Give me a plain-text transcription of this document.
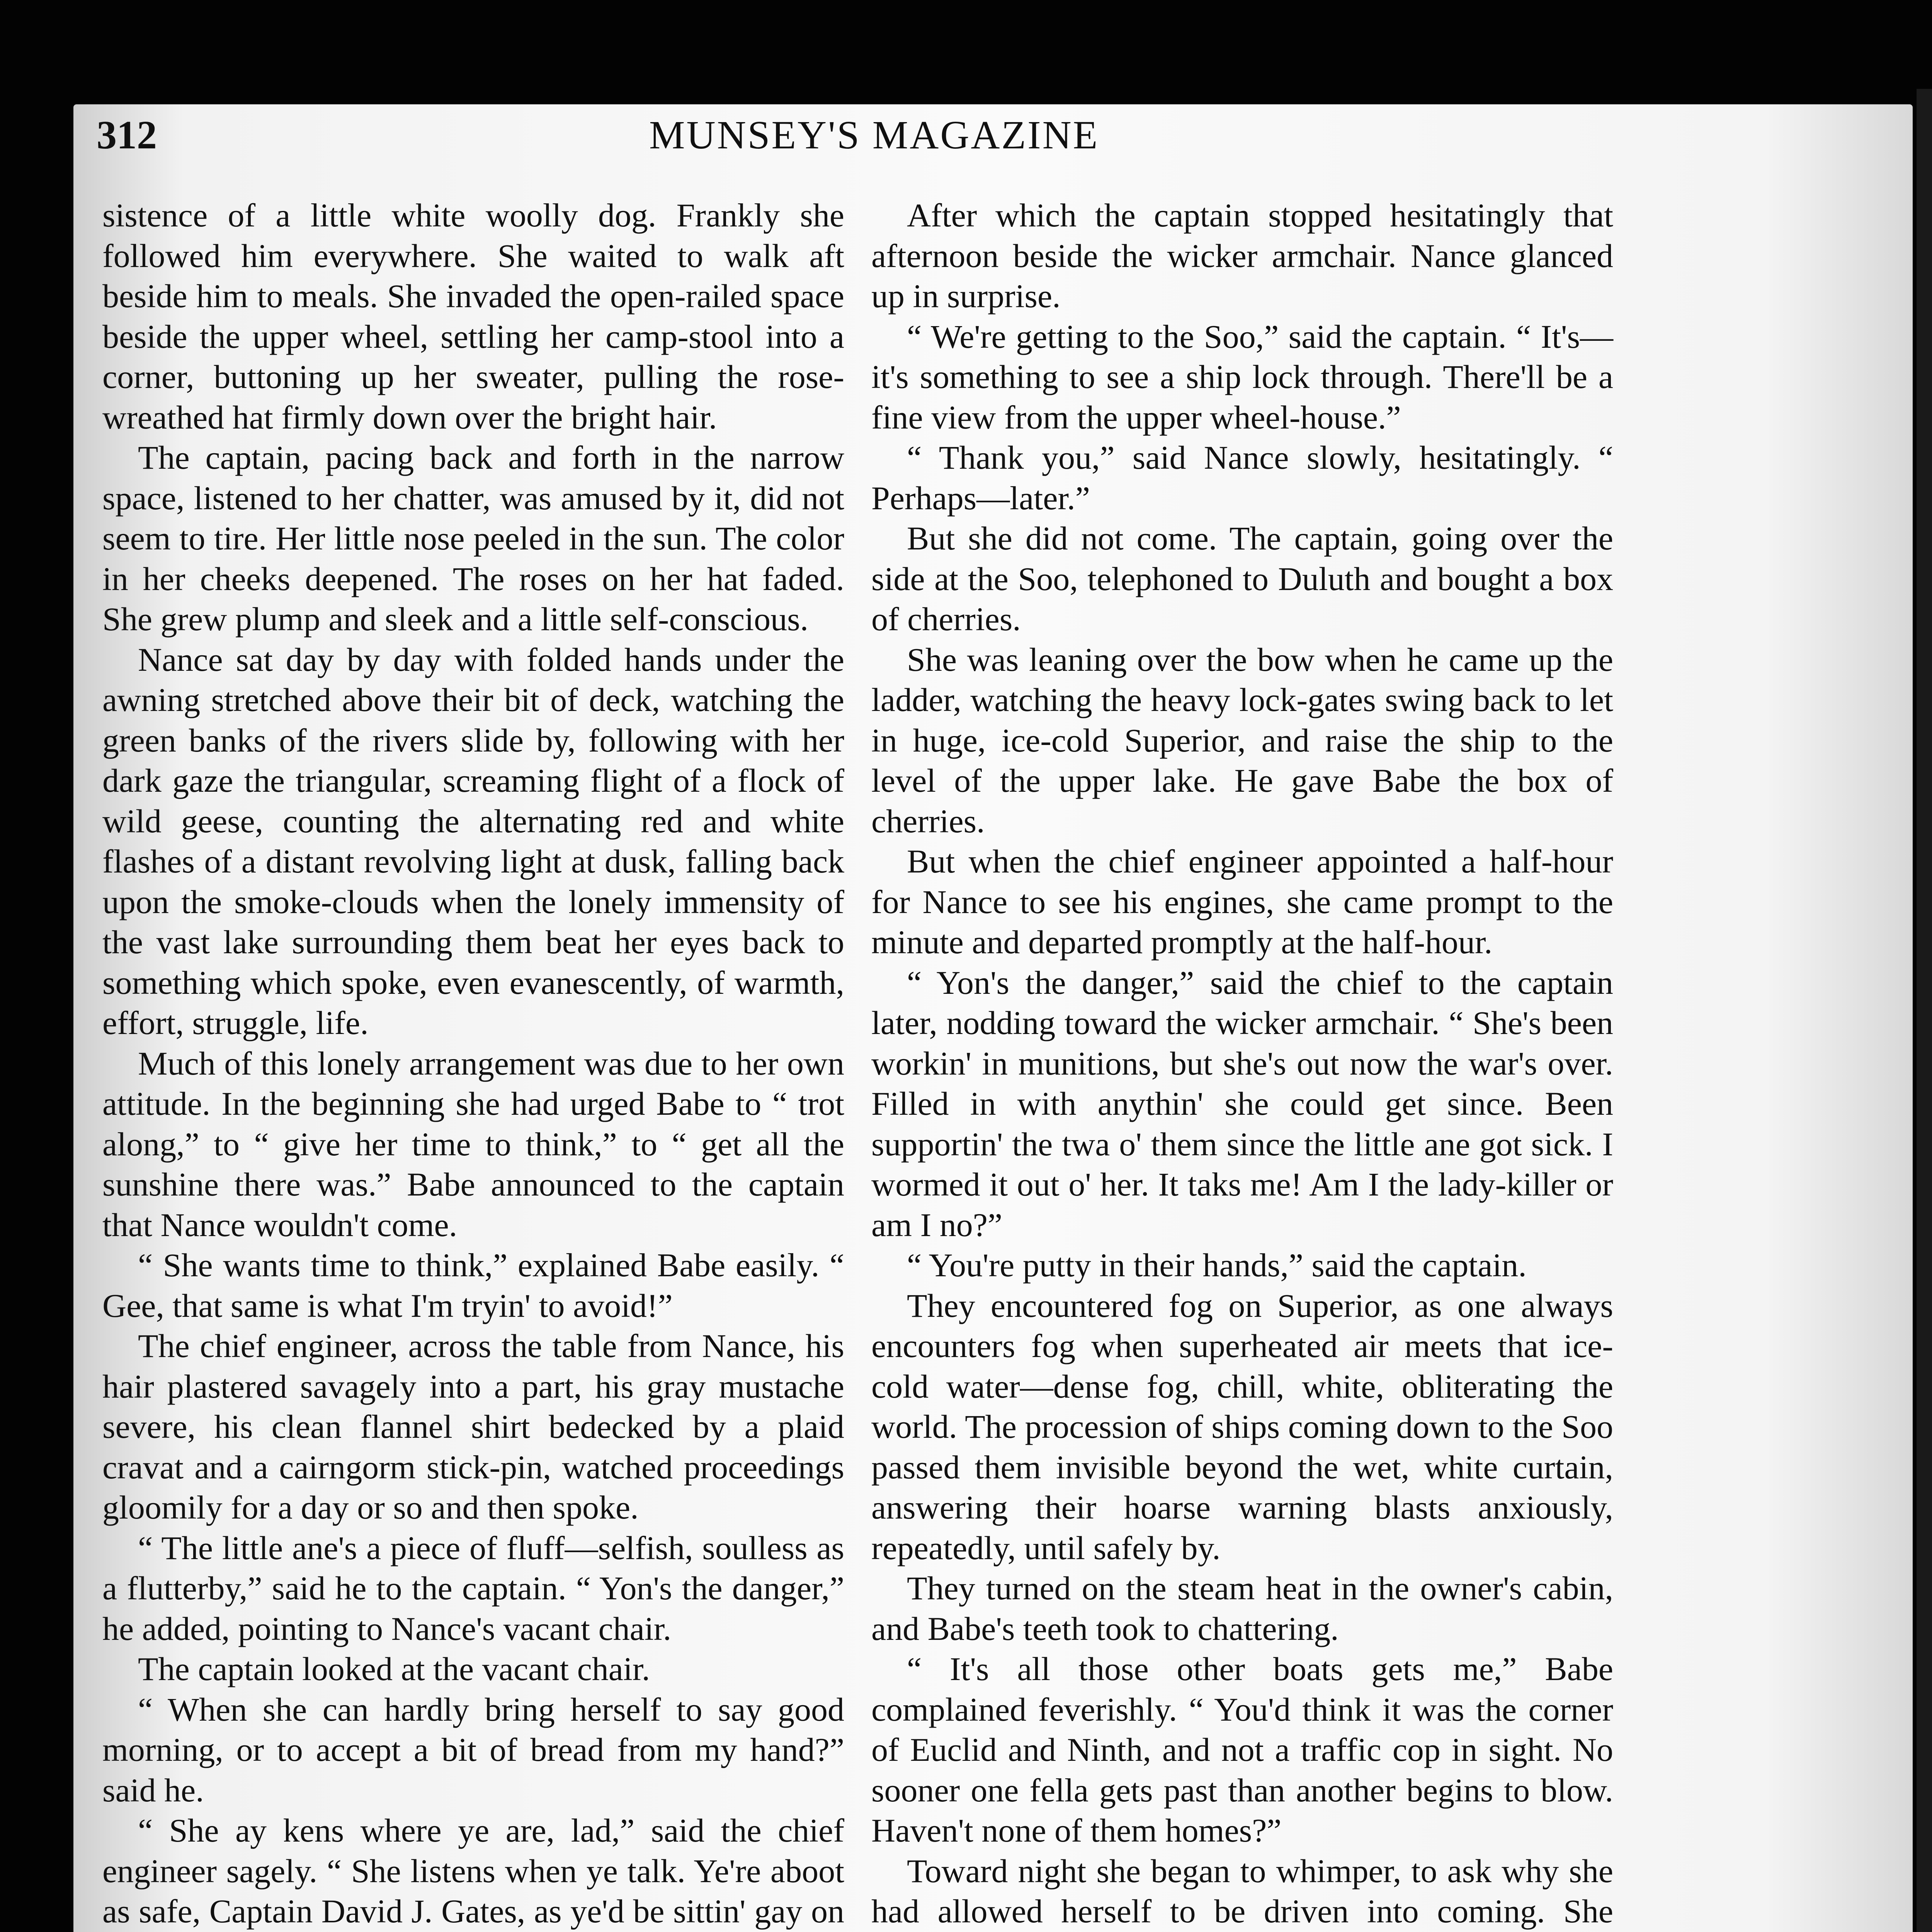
312	MUNSEY'S MAGAZINE

sistence of a little white woolly dog. Frankly she followed him everywhere. She waited to walk aft beside him to meals. She invaded the open-railed space beside the upper wheel, settling her camp-stool into a corner, buttoning up her sweater, pulling the rose-wreathed hat firmly down over the bright hair.

The captain, pacing back and forth in the narrow space, listened to her chatter, was amused by it, did not seem to tire. Her little nose peeled in the sun. The color in her cheeks deepened. The roses on her hat faded. She grew plump and sleek and a little self-conscious.

Nance sat day by day with folded hands under the awning stretched above their bit of deck, watching the green banks of the rivers slide by, following with her dark gaze the triangular, screaming flight of a flock of wild geese, counting the alternating red and white flashes of a distant revolving light at dusk, falling back upon the smoke-clouds when the lonely immensity of the vast lake surrounding them beat her eyes back to something which spoke, even evanescently, of warmth, effort, struggle, life.

Much of this lonely arrangement was due to her own attitude. In the beginning she had urged Babe to “ trot along,” to “ give her time to think,” to “ get all the sunshine there was.” Babe announced to the captain that Nance wouldn't come.

“ She wants time to think,” explained Babe easily. “ Gee, that same is what I'm tryin' to avoid!”

The chief engineer, across the table from Nance, his hair plastered savagely into a part, his gray mustache severe, his clean flannel shirt bedecked by a plaid cravat and a cairngorm stick-pin, watched proceedings gloomily for a day or so and then spoke.

“ The little ane's a piece of fluff—selfish, soulless as a flutterby,” said he to the captain. “ Yon's the danger,” he added, pointing to Nance's vacant chair.

The captain looked at the vacant chair.

“ When she can hardly bring herself to say good morning, or to accept a bit of bread from my hand?” said he.

“ She ay kens where ye are, lad,” said the chief engineer sagely. “ She listens when ye talk. Ye're aboot as safe, Captain David J. Gates, as ye'd be sittin' gay on

After which the captain stopped hesitatingly that afternoon beside the wicker armchair. Nance glanced up in surprise.

“ We're getting to the Soo,” said the captain. “ It's—it's something to see a ship lock through. There'll be a fine view from the upper wheel-house.”

“ Thank you,” said Nance slowly, hesitatingly. “ Perhaps—later.”

But she did not come. The captain, going over the side at the Soo, telephoned to Duluth and bought a box of cherries.

She was leaning over the bow when he came up the ladder, watching the heavy lock-gates swing back to let in huge, ice-cold Superior, and raise the ship to the level of the upper lake. He gave Babe the box of cherries.

But when the chief engineer appointed a half-hour for Nance to see his engines, she came prompt to the minute and departed promptly at the half-hour.

“ Yon's the danger,” said the chief to the captain later, nodding toward the wicker armchair. “ She's been workin' in munitions, but she's out now the war's over. Filled in with anythin' she could get since. Been supportin' the twa o' them since the little ane got sick. I wormed it out o' her. It taks me! Am I the lady-killer or am I no?”

“ You're putty in their hands,” said the captain.

They encountered fog on Superior, as one always encounters fog when superheated air meets that ice-cold water—dense fog, chill, white, obliterating the world. The procession of ships coming down to the Soo passed them invisible beyond the wet, white curtain, answering their hoarse warning blasts anxiously, repeatedly, until safely by.

They turned on the steam heat in the owner's cabin, and Babe's teeth took to chattering.

“ It's all those other boats gets me,” Babe complained feverishly. “ You'd think it was the corner of Euclid and Ninth, and not a traffic cop in sight. No sooner one fella gets past than another begins to blow. Haven't none of them homes?”

Toward night she began to whimper, to ask why she had allowed herself to be driven into coming. She
